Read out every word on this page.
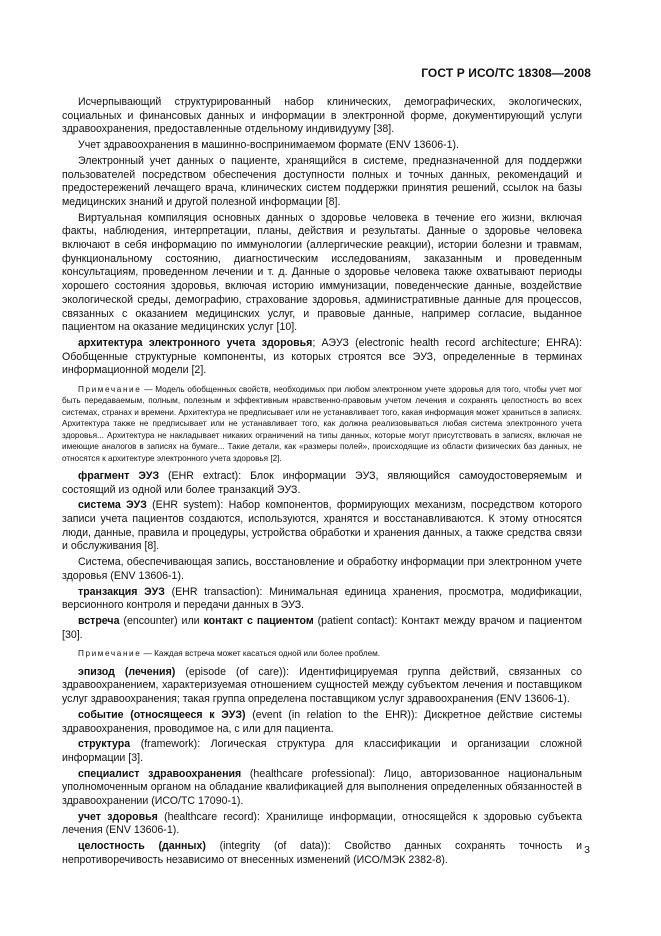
ГОСТ Р ИСО/ТС 18308—2008

Исчерпывающий структурированный набор клинических, демографических, экологических, социальных и финансовых данных и информации в электронной форме, документирующий услуги здравоохранения, предоставленные отдельному индивидууму [38].

Учет здравоохранения в машинно-воспринимаемом формате (ENV 13606-1).

Электронный учет данных о пациенте, хранящийся в системе, предназначенной для поддержки пользователей посредством обеспечения доступности полных и точных данных, рекомендаций и предостережений лечащего врача, клинических систем поддержки принятия решений, ссылок на базы медицинских знаний и другой полезной информации [8].

Виртуальная компиляция основных данных о здоровье человека в течение его жизни, включая факты, наблюдения, интерпретации, планы, действия и результаты. Данные о здоровье человека включают в себя информацию по иммунологии (аллергические реакции), истории болезни и травмам, функциональному состоянию, диагностическим исследованиям, заказанным и проведенным консультациям, проведенном лечении и т. д. Данные о здоровье человека также охватывают периоды хорошего состояния здоровья, включая историю иммунизации, поведенческие данные, воздействие экологической среды, демографию, страхование здоровья, административные данные для процессов, связанных с оказанием медицинских услуг, и правовые данные, например согласие, выданное пациентом на оказание медицинских услуг [10].

архитектура электронного учета здоровья; АЭУЗ (electronic health record architecture; EHRA): Обобщенные структурные компоненты, из которых строятся все ЭУЗ, определенные в терминах информационной модели [2].

Примечание — Модель обобщенных свойств, необходимых при любом электронном учете здоровья для того, чтобы учет мог быть передаваемым, полным, полезным и эффективным нравственно-правовым учетом лечения и сохранять целостность во всех системах, странах и времени. Архитектура не предписывает или не устанавливает того, какая информация может храниться в записях. Архитектура также не предписывает или не устанавливает того, как должна реализовываться любая система электронного учета здоровья... Архитектура не накладывает никаких ограничений на типы данных, которые могут присутствовать в записях, включая не имеющие аналогов в записях на бумаге... Такие детали, как «размеры полей», происходящие из области физических баз данных, не относятся к архитектуре электронного учета здоровья [2].

фрагмент ЭУЗ (EHR extract): Блок информации ЭУЗ, являющийся самоудостоверяемым и состоящий из одной или более транзакций ЭУЗ.

система ЭУЗ (EHR system): Набор компонентов, формирующих механизм, посредством которого записи учета пациентов создаются, используются, хранятся и восстанавливаются. К этому относятся люди, данные, правила и процедуры, устройства обработки и хранения данных, а также средства связи и обслуживания [8].

Система, обеспечивающая запись, восстановление и обработку информации при электронном учете здоровья (ENV 13606-1).

транзакция ЭУЗ (EHR transaction): Минимальная единица хранения, просмотра, модификации, версионного контроля и передачи данных в ЭУЗ.

встреча (encounter) или контакт с пациентом (patient contact): Контакт между врачом и пациентом [30].

Примечание — Каждая встреча может касаться одной или более проблем.

эпизод (лечения) (episode (of care)): Идентифицируемая группа действий, связанных со здравоохранением, характеризуемая отношением сущностей между субъектом лечения и поставщиком услуг здравоохранения; такая группа определена поставщиком услуг здравоохранения (ENV 13606-1).

событие (относящееся к ЭУЗ) (event (in relation to the EHR)): Дискретное действие системы здравоохранения, проводимое на, с или для пациента.

структура (framework): Логическая структура для классификации и организации сложной информации [3].

специалист здравоохранения (healthcare professional): Лицо, авторизованное национальным уполномоченным органом на обладание квалификацией для выполнения определенных обязанностей в здравоохранении (ИСО/ТС 17090-1).

учет здоровья (healthcare record): Хранилище информации, относящейся к здоровью субъекта лечения (ENV 13606-1).

целостность (данных) (integrity (of data)): Свойство данных сохранять точность и непротиворечивость независимо от внесенных изменений (ИСО/МЭК 2382-8).

3
